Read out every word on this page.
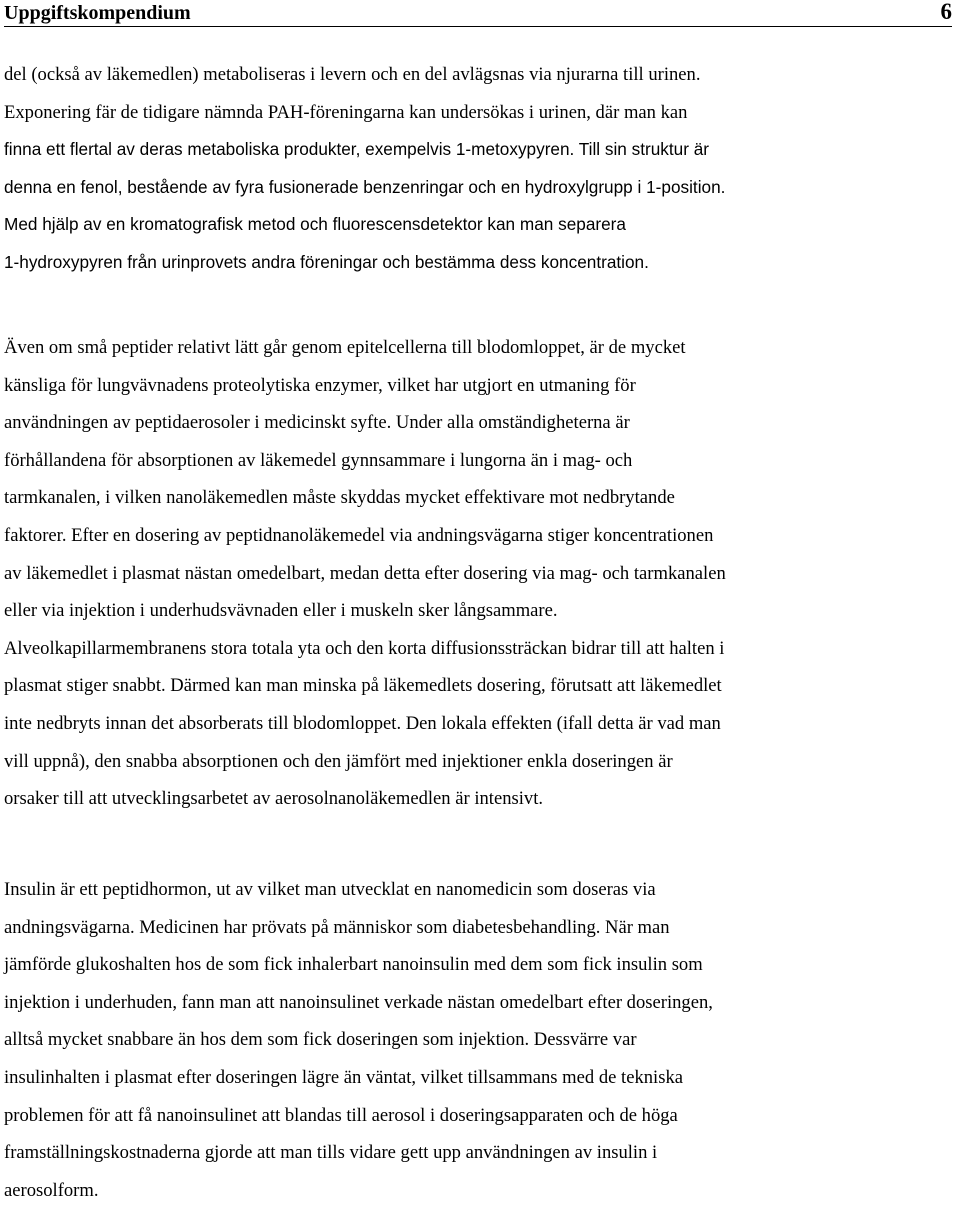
Uppgiftskompendium	6
del (också av läkemedlen) metaboliseras i levern och en del avlägsnas via njurarna till urinen.
Exponering fär de tidigare nämnda PAH-föreningarna kan undersökas i urinen, där man kan
finna ett flertal av deras metaboliska produkter, exempelvis 1-metoxypyren. Till sin struktur är
denna en fenol, bestående av fyra fusionerade benzenringar och en hydroxylgrupp i 1-position.
Med hjälp av en kromatografisk metod och fluorescensdetektor kan man separera
1-hydroxypyren från urinprovets andra föreningar och bestämma dess koncentration.
Även om små peptider relativt lätt går genom epitelcellerna till blodomloppet, är de mycket
känsliga för lungvävnadens proteolytiska enzymer, vilket har utgjort en utmaning för
användningen av peptidaerosoler i medicinskt syfte. Under alla omständigheterna är
förhållandena för absorptionen av läkemedel gynnsammare i lungorna än i mag- och
tarmkanalen, i vilken nanoläkemedlen måste skyddas mycket effektivare mot nedbrytande
faktorer. Efter en dosering av peptidnanoläkemedel via andningsvägarna stiger koncentrationen
av läkemedlet i plasmat nästan omedelbart, medan detta efter dosering via mag- och tarmkanalen
eller via injektion i underhudsvävnaden eller i muskeln sker långsammare.
Alveolkapillarmembranens stora totala yta och den korta diffusionssträckan bidrar till att halten i
plasmat stiger snabbt. Därmed kan man minska på läkemedlets dosering, förutsatt att läkemedlet
inte nedbryts innan det absorberats till blodomloppet. Den lokala effekten (ifall detta är vad man
vill uppnå), den snabba absorptionen och den jämfört med injektioner enkla doseringen är
orsaker till att utvecklingsarbetet av aerosolnanoläkemedlen är intensivt.
Insulin är ett peptidhormon, ut av vilket man utvecklat en nanomedicin som doseras via
andningsvägarna. Medicinen har prövats på människor som diabetesbehandling. När man
jämförde glukoshalten hos de som fick inhalerbart nanoinsulin med dem som fick insulin som
injektion i underhuden, fann man att nanoinsulinet verkade nästan omedelbart efter doseringen,
alltså mycket snabbare än hos dem som fick doseringen som injektion. Dessvärre var
insulinhalten i plasmat efter doseringen lägre än väntat, vilket tillsammans med de tekniska
problemen för att få nanoinsulinet att blandas till aerosol i doseringsapparaten och de höga
framställningskostnaderna gjorde att man tills vidare gett upp användningen av insulin i
aerosolform.
